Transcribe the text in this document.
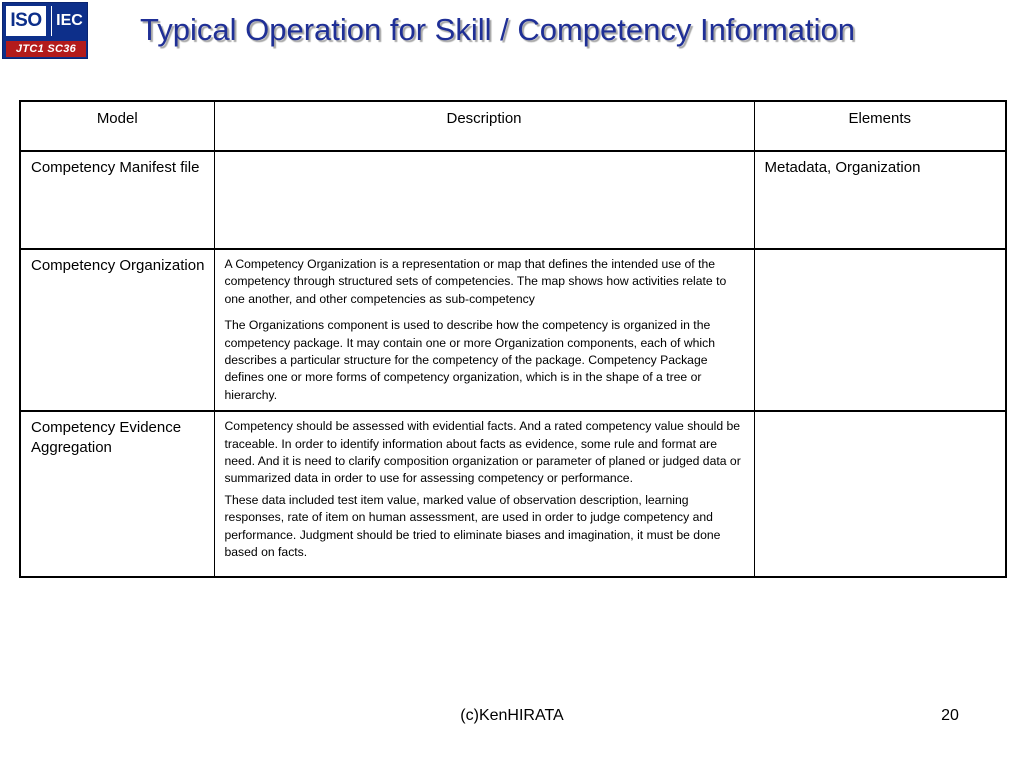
ISO IEC
JTC1 SC36
Typical Operation for Skill / Competency Information
Model	Description	Elements
Competency Manifest file		Metadata, Organization
Competency Organization	A Competency Organization is a representation or map that defines the intended use of the competency through structured sets of competencies. The map shows how activities relate to one another, and other competencies as sub-competency

The Organizations component is used to describe how the competency is organized in the competency package. It may contain one or more Organization components, each of which describes a particular structure for the competency of the package. Competency Package defines one or more forms of competency organization, which is in the shape of a tree or hierarchy.	

Competency Evidence Aggregation	Competency should be assessed with evidential facts. And a rated competency value should be traceable. In order to identify information about facts as evidence, some rule and format are need. And it is need to clarify composition organization or parameter of planed or judged data or summarized data in order to use for assessing competency or performance.

These data included test item value, marked value of observation description, learning responses, rate of item on human assessment, are used in order to judge competency and performance. Judgment should be tried to eliminate biases and imagination, it must be done based on facts.	

(c)KenHIRATA	20
